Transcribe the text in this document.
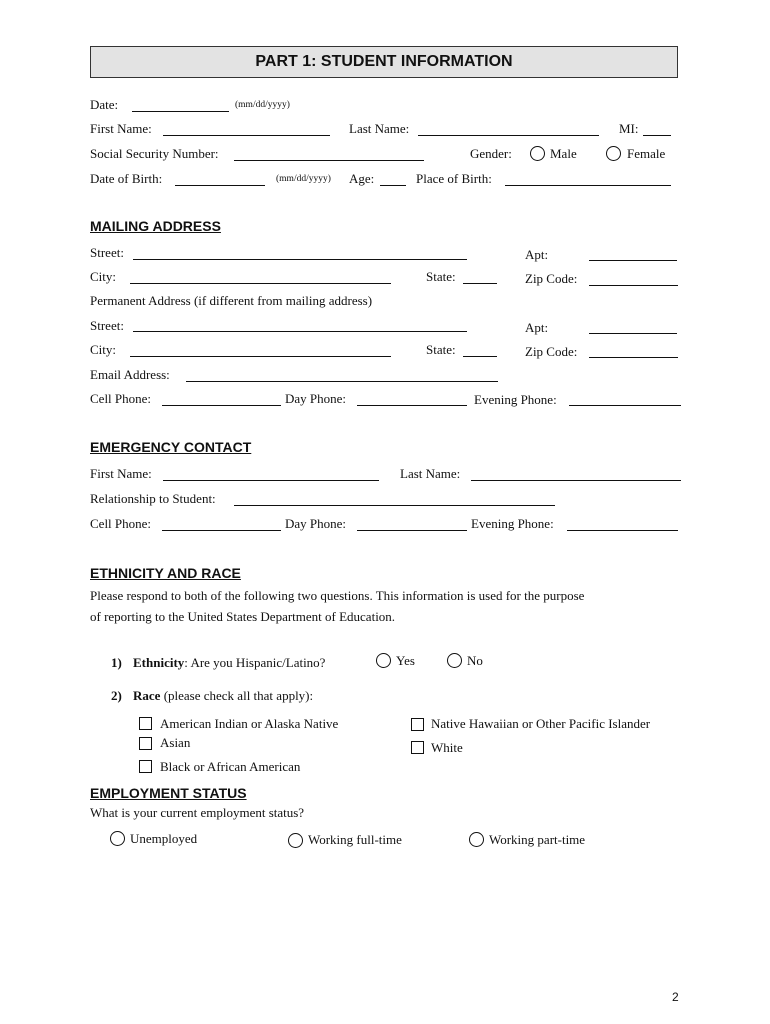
PART 1: STUDENT INFORMATION
Date:	(mm/dd/yyyy)
First Name:	Last Name:	MI:
Social Security Number:	Gender:	Male	Female
Date of Birth:	(mm/dd/yyyy) Age:	Place of Birth:
MAILING ADDRESS
Street:	Apt:
City:	State:	Zip Code:
Permanent Address (if different from mailing address)
Street:	Apt:
City:	State:	Zip Code:
Email Address:
Cell Phone:	Day Phone:	Evening Phone:
EMERGENCY CONTACT
First Name:	Last Name:
Relationship to Student:
Cell Phone:	Day Phone:	Evening Phone:
ETHNICITY AND RACE
Please respond to both of the following two questions. This information is used for the purpose
of reporting to the United States Department of Education.
1) Ethnicity: Are you Hispanic/Latino?	Yes	No
2) Race (please check all that apply):
American Indian or Alaska Native
Asian
Black or African American
Native Hawaiian or Other Pacific Islander
White
EMPLOYMENT STATUS
What is your current employment status?
Unemployed	Working full-time	Working part-time
2
